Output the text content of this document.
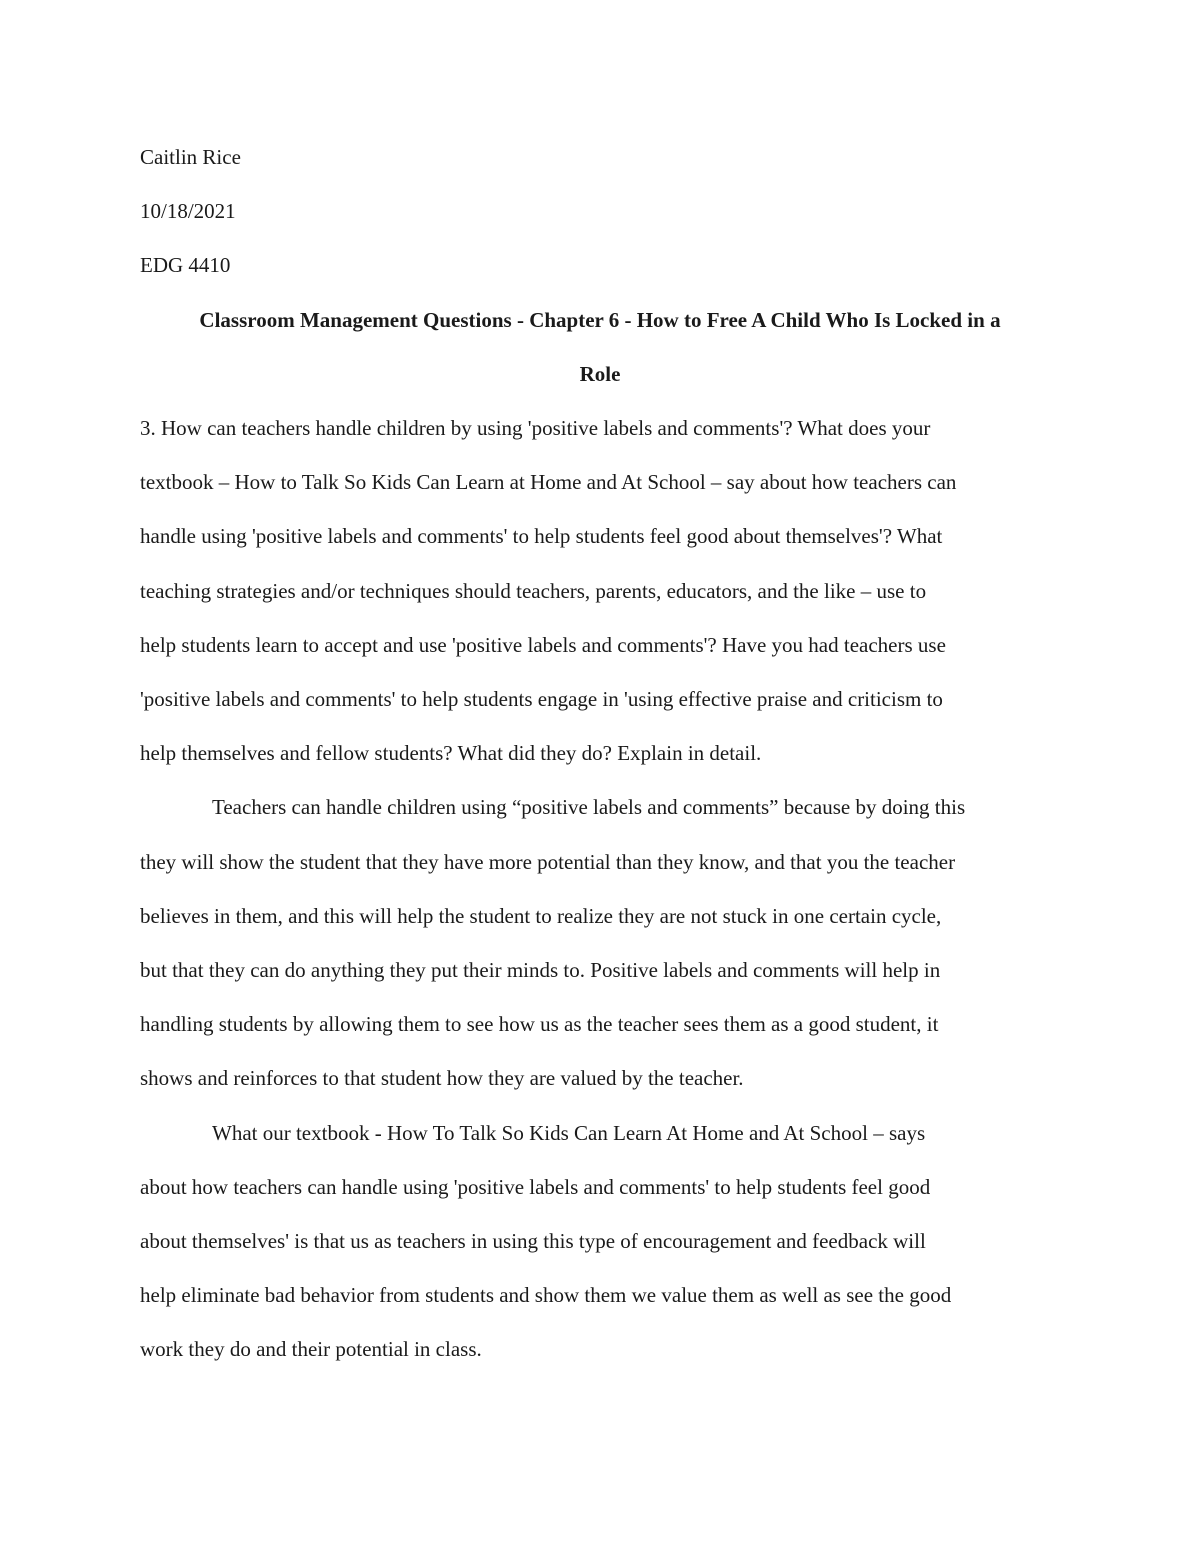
Caitlin Rice
10/18/2021
EDG 4410
Classroom Management Questions - Chapter 6 - How to Free A Child Who Is Locked in a
Role
3. How can teachers handle children by using 'positive labels and comments'? What does your
textbook – How to Talk So Kids Can Learn at Home and At School – say about how teachers can
handle using 'positive labels and comments' to help students feel good about themselves'? What
teaching strategies and/or techniques should teachers, parents, educators, and the like – use to
help students learn to accept and use 'positive labels and comments'? Have you had teachers use
'positive labels and comments' to help students engage in 'using effective praise and criticism to
help themselves and fellow students? What did they do? Explain in detail.
Teachers can handle children using “positive labels and comments” because by doing this
they will show the student that they have more potential than they know, and that you the teacher
believes in them, and this will help the student to realize they are not stuck in one certain cycle,
but that they can do anything they put their minds to. Positive labels and comments will help in
handling students by allowing them to see how us as the teacher sees them as a good student, it
shows and reinforces to that student how they are valued by the teacher.
What our textbook - How To Talk So Kids Can Learn At Home and At School – says
about how teachers can handle using 'positive labels and comments' to help students feel good
about themselves' is that us as teachers in using this type of encouragement and feedback will
help eliminate bad behavior from students and show them we value them as well as see the good
work they do and their potential in class.
